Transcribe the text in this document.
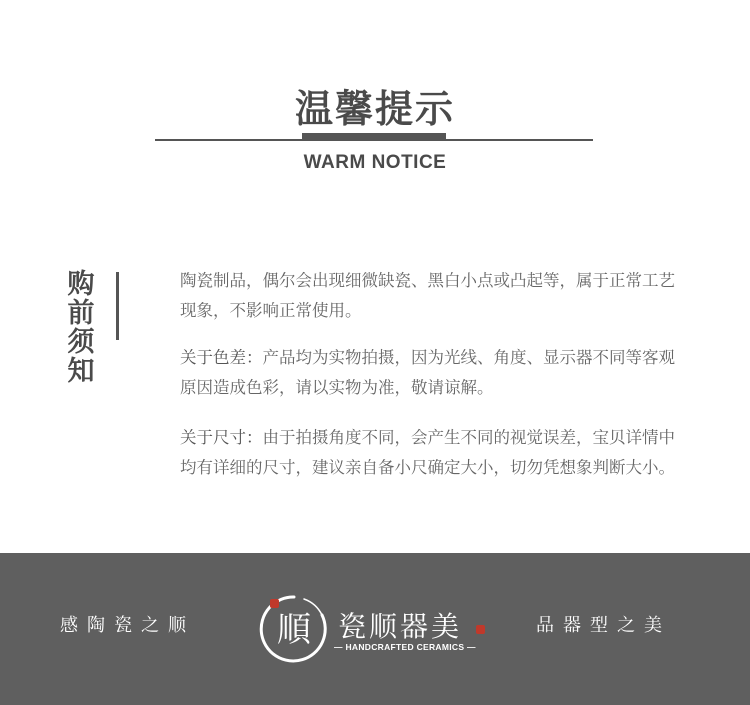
温馨提示
WARM NOTICE
购前须知
陶瓷制品，偶尔会出现细微缺瓷、黑白小点或凸起等，属于正常工艺现象，不影响正常使用。
关于色差：产品均为实物拍摄，因为光线、角度、显示器不同等客观原因造成色彩，请以实物为准，敬请谅解。
关于尺寸：由于拍摄角度不同，会产生不同的视觉误差，宝贝详情中均有详细的尺寸，建议亲自备小尺确定大小，切勿凭想象判断大小。
感陶瓷之顺 順 瓷顺器美
— HANDCRAFTED CERAMICS —
品器型之美
